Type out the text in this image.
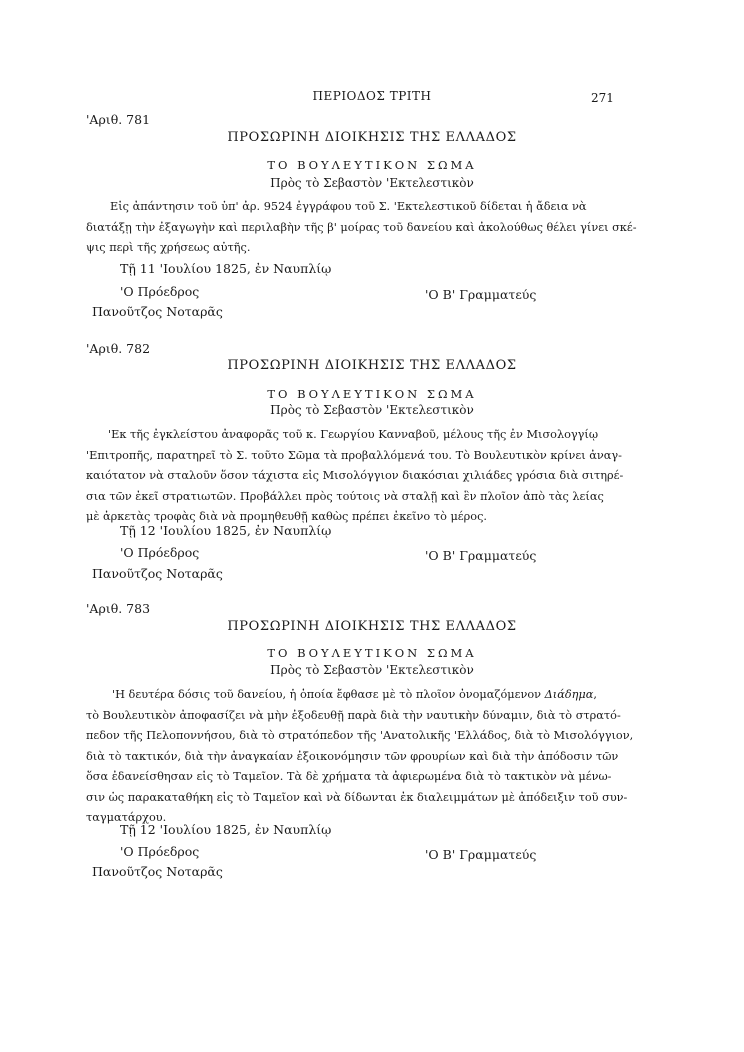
ΠΕΡΙΟΔΟΣ ΤΡΙΤΗ	271
'Αριθ. 781
ΠΡΟΣΩΡΙΝΗ ΔΙΟΙΚΗΣΙΣ ΤΗΣ ΕΛΛΑΔΟΣ
ΤΟ ΒΟΥΛΕΥΤΙΚΟΝ ΣΩΜΑ
Πρὸς τὸ Σεβαστὸν 'Εκτελεστικὸν
Εἰς ἀπάντησιν τοῦ ὑπ' ἀρ. 9524 ἐγγράφου τοῦ Σ. 'Εκτελεστικοῦ δίδεται ἡ ἄδεια νὰ
διατάξῃ τὴν ἐξαγωγὴν καὶ περιλαβὴν τῆς β' μοίρας τοῦ δανείου καὶ ἀκολούθως θέλει γίνει σκέ-
ψις περὶ τῆς χρήσεως αὐτῆς.
Τῇ 11 'Ιουλίου 1825, ἐν Ναυπλίῳ
'Ο Πρόεδρος	'Ο Β' Γραμματεύς
Πανοῦτζος Νοταρᾶς
'Αριθ. 782
ΠΡΟΣΩΡΙΝΗ ΔΙΟΙΚΗΣΙΣ ΤΗΣ ΕΛΛΑΔΟΣ
ΤΟ ΒΟΥΛΕΥΤΙΚΟΝ ΣΩΜΑ
Πρὸς τὸ Σεβαστὸν 'Εκτελεστικὸν
'Εκ τῆς ἐγκλείστου ἀναφορᾶς τοῦ κ. Γεωργίου Κανναβοῦ, μέλους τῆς ἐν Μισολογγίῳ
'Επιτροπῆς, παρατηρεῖ τὸ Σ. τοῦτο Σῶμα τὰ προβαλλόμενά του. Τὸ Βουλευτικὸν κρίνει ἀναγ-
καιότατον νὰ σταλοῦν ὅσον τάχιστα εἰς Μισολόγγιον διακόσιαι χιλιάδες γρόσια διὰ σιτηρέ-
σια τῶν ἐκεῖ στρατιωτῶν. Προβάλλει πρὸς τούτοις νὰ σταλῇ καὶ ἓν πλοῖον ἀπὸ τὰς λείας
μὲ ἀρκετὰς τροφὰς διὰ νὰ προμηθευθῇ καθὼς πρέπει ἐκεῖνο τὸ μέρος.
Τῇ 12 'Ιουλίου 1825, ἐν Ναυπλίῳ
'Ο Πρόεδρος	'Ο Β' Γραμματεύς
Πανοῦτζος Νοταρᾶς
'Αριθ. 783
ΠΡΟΣΩΡΙΝΗ ΔΙΟΙΚΗΣΙΣ ΤΗΣ ΕΛΛΑΔΟΣ
ΤΟ ΒΟΥΛΕΥΤΙΚΟΝ ΣΩΜΑ
Πρὸς τὸ Σεβαστὸν 'Εκτελεστικὸν
'Η δευτέρα δόσις τοῦ δανείου, ἡ ὁποία ἔφθασε μὲ τὸ πλοῖον ὀνομαζόμενον Διάδημα,
τὸ Βουλευτικὸν ἀποφασίζει νὰ μὴν ἐξοδευθῇ παρὰ διὰ τὴν ναυτικὴν δύναμιν, διὰ τὸ στρατό-
πεδον τῆς Πελοποννήσου, διὰ τὸ στρατόπεδον τῆς 'Ανατολικῆς 'Ελλάδος, διὰ τὸ Μισολόγγιον,
διὰ τὸ τακτικόν, διὰ τὴν ἀναγκαίαν ἐξοικονόμησιν τῶν φρουρίων καὶ διὰ τὴν ἀπόδοσιν τῶν
ὅσα ἐδανείσθησαν εἰς τὸ Ταμεῖον. Τὰ δὲ χρήματα τὰ ἀφιερωμένα διὰ τὸ τακτικὸν νὰ μένω-
σιν ὡς παρακαταθήκη εἰς τὸ Ταμεῖον καὶ νὰ δίδωνται ἐκ διαλειμμάτων μὲ ἀπόδειξιν τοῦ συν-
ταγματάρχου.
Τῇ 12 'Ιουλίου 1825, ἐν Ναυπλίῳ
'Ο Πρόεδρος	'Ο Β' Γραμματεύς
Πανοῦτζος Νοταρᾶς
